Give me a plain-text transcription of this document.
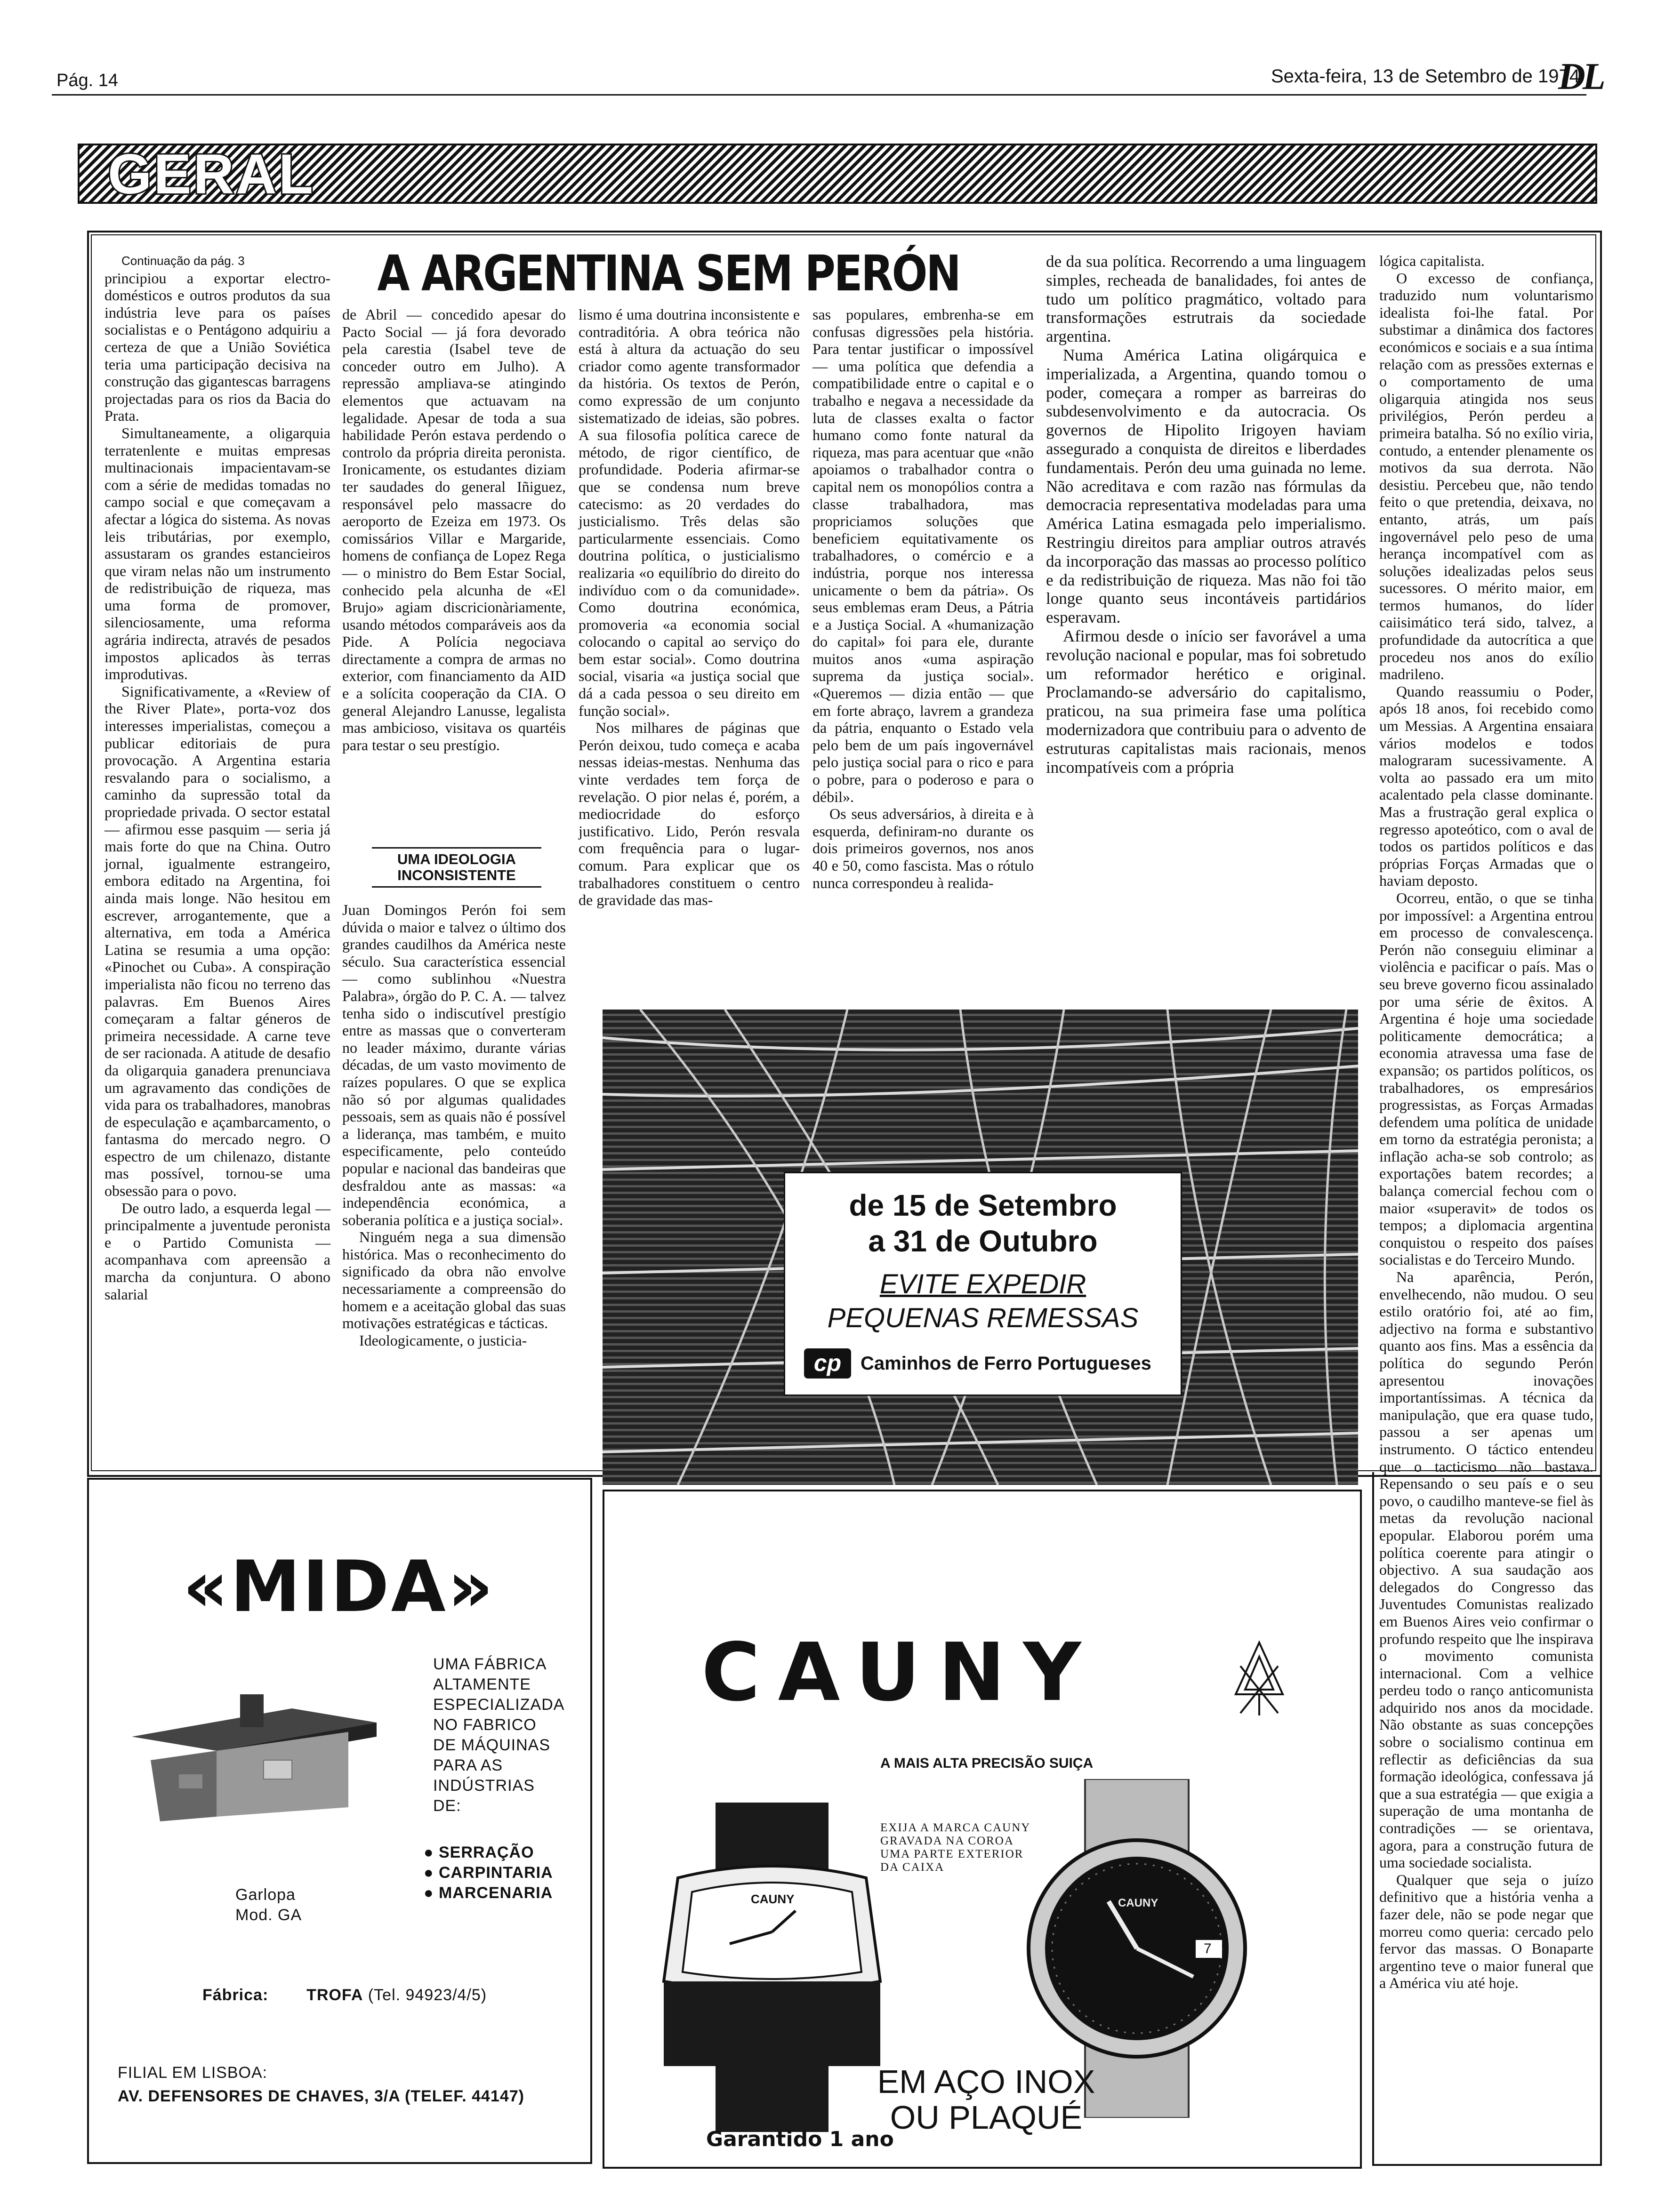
Pág. 14	Sexta-feira, 13 de Setembro de 1974
DL
GERAL
A ARGENTINA SEM PERÓN

Continuação da pág. 3

principiou a exportar electro-domésticos e outros produtos da sua indústria leve para os países socialistas e o Pentágono adquiriu a certeza de que a União Soviética teria uma participação decisiva na construção das gigantescas barragens projectadas para os rios da Bacia do Prata.

Simultaneamente, a oligarquia terratenlente e muitas empresas multinacionais impacientavam-se com a série de medidas tomadas no campo social e que começavam a afectar a lógica do sistema. As novas leis tributárias, por exemplo, assustaram os grandes estancieiros que viram nelas não um instrumento de redistribuição de riqueza, mas uma forma de promover, silenciosamente, uma reforma agrária indirecta, através de pesados impostos aplicados às terras improdutivas.

Significativamente, a «Review of the River Plate», porta-voz dos interesses imperialistas, começou a publicar editoriais de pura provocação. A Argentina estaria resvalando para o socialismo, a caminho da supressão total da propriedade privada. O sector estatal — afirmou esse pasquim — seria já mais forte do que na China. Outro jornal, igualmente estrangeiro, embora editado na Argentina, foi ainda mais longe. Não hesitou em escrever, arrogantemente, que a alternativa, em toda a América Latina se resumia a uma opção: «Pinochet ou Cuba». A conspiração imperialista não ficou no terreno das palavras. Em Buenos Aires começaram a faltar géneros de primeira necessidade. A carne teve de ser racionada. A atitude de desafio da oligarquia ganadera prenunciava um agravamento das condições de vida para os trabalhadores, manobras de especulação e açambarcamento, o fantasma do mercado negro. O espectro de um chilenazo, distante mas possível, tornou-se uma obsessão para o povo.

De outro lado, a esquerda legal — principalmente a juventude peronista e o Partido Comunista — acompanhava com apreensão a marcha da conjuntura. O abono salarial

de Abril — concedido apesar do Pacto Social — já fora devorado pela carestia (Isabel teve de conceder outro em Julho). A repressão ampliava-se atingindo elementos que actuavam na legalidade. Apesar de toda a sua habilidade Perón estava perdendo o controlo da própria direita peronista. Ironicamente, os estudantes diziam ter saudades do general Iñiguez, responsável pelo massacre do aeroporto de Ezeiza em 1973. Os comissários Villar e Margaride, homens de confiança de Lopez Rega — o ministro do Bem Estar Social, conhecido pela alcunha de «El Brujo» agiam discricionàriamente, usando métodos comparáveis aos da Pide. A Polícia negociava directamente a compra de armas no exterior, com financiamento da AID e a solícita cooperação da CIA. O general Alejandro Lanusse, legalista mas ambicioso, visitava os quartéis para testar o seu prestígio.

UMA IDEOLOGIA INCONSISTENTE

Juan Domingos Perón foi sem dúvida o maior e talvez o último dos grandes caudilhos da América neste século. Sua característica essencial — como sublinhou «Nuestra Palabra», órgão do P. C. A. — talvez tenha sido o indiscutível prestígio entre as massas que o converteram no leader máximo, durante várias décadas, de um vasto movimento de raízes populares. O que se explica não só por algumas qualidades pessoais, sem as quais não é possível a liderança, mas também, e muito especificamente, pelo conteúdo popular e nacional das bandeiras que desfraldou ante as massas: «a independência económica, a soberania política e a justiça social».

Ninguém nega a sua dimensão histórica. Mas o reconhecimento do significado da obra não envolve necessariamente a compreensão do homem e a aceitação global das suas motivações estratégicas e tácticas.

Ideologicamente, o justicia-

lismo é uma doutrina inconsistente e contraditória. A obra teórica não está à altura da actuação do seu criador como agente transformador da história. Os textos de Perón, como expressão de um conjunto sistematizado de ideias, são pobres. A sua filosofia política carece de método, de rigor científico, de profundidade. Poderia afirmar-se que se condensa num breve catecismo: as 20 verdades do justicialismo. Três delas são particularmente essenciais. Como doutrina política, o justicialismo realizaria «o equilíbrio do direito do indivíduo com o da comunidade». Como doutrina económica, promoveria «a economia social colocando o capital ao serviço do bem estar social». Como doutrina social, visaria «a justiça social que dá a cada pessoa o seu direito em função social».

Nos milhares de páginas que Perón deixou, tudo começa e acaba nessas ideias-mestas. Nenhuma das vinte verdades tem força de revelação. O pior nelas é, porém, a mediocridade do esforço justificativo. Lido, Perón resvala com frequência para o lugar-comum. Para explicar que os trabalhadores constituem o centro de gravidade das mas-

sas populares, embrenha-se em confusas digressões pela história. Para tentar justificar o impossível — uma política que defendia a compatibilidade entre o capital e o trabalho e negava a necessidade da luta de classes exalta o factor humano como fonte natural da riqueza, mas para acentuar que «não apoiamos o trabalhador contra o capital nem os monopólios contra a classe trabalhadora, mas propriciamos soluções que beneficiem equitativamente os trabalhadores, o comércio e a indústria, porque nos interessa unicamente o bem da pátria». Os seus emblemas eram Deus, a Pátria e a Justiça Social. A «humanização do capital» foi para ele, durante muitos anos «uma aspiração suprema da justiça social». «Queremos — dizia então — que em forte abraço, lavrem a grandeza da pátria, enquanto o Estado vela pelo bem de um país ingovernável pelo justiça social para o rico e para o pobre, para o poderoso e para o débil».

Os seus adversários, à direita e à esquerda, definiram-no durante os dois primeiros governos, nos anos 40 e 50, como fascista. Mas o rótulo nunca correspondeu à realida-

de da sua política. Recorrendo a uma linguagem simples, recheada de banalidades, foi antes de tudo um político pragmático, voltado para transformações estrutrais da sociedade argentina.

Numa América Latina oligárquica e imperializada, a Argentina, quando tomou o poder, começara a romper as barreiras do subdesenvolvimento e da autocracia. Os governos de Hipolito Irigoyen haviam assegurado a conquista de direitos e liberdades fundamentais. Perón deu uma guinada no leme. Não acreditava e com razão nas fórmulas da democracia representativa modeladas para uma América Latina esmagada pelo imperialismo. Restringiu direitos para ampliar outros através da incorporação das massas ao processo político e da redistribuição de riqueza. Mas não foi tão longe quanto seus incontáveis partidários esperavam.

Afirmou desde o início ser favorável a uma revolução nacional e popular, mas foi sobretudo um reformador herético e original. Proclamando-se adversário do capitalismo, praticou, na sua primeira fase uma política modernizadora que contribuiu para o advento de estruturas capitalistas mais racionais, menos incompatíveis com a própria

lógica capitalista.

O excesso de confiança, traduzido num voluntarismo idealista foi-lhe fatal. Por substimar a dinâmica dos factores económicos e sociais e a sua íntima relação com as pressões externas e o comportamento de uma oligarquia atingida nos seus privilégios, Perón perdeu a primeira batalha. Só no exílio viria, contudo, a entender plenamente os motivos da sua derrota. Não desistiu. Percebeu que, não tendo feito o que pretendia, deixava, no entanto, atrás, um país ingovernável pelo peso de uma herança incompatível com as soluções idealizadas pelos seus sucessores. O mérito maior, em termos humanos, do líder caiisimático terá sido, talvez, a profundidade da autocrítica a que procedeu nos anos do exílio madrileno.

Quando reassumiu o Poder, após 18 anos, foi recebido como um Messias. A Argentina ensaiara vários modelos e todos malograram sucessivamente. A volta ao passado era um mito acalentado pela classe dominante. Mas a frustração geral explica o regresso apoteótico, com o aval de todos os partidos políticos e das próprias Forças Armadas que o haviam deposto.

Ocorreu, então, o que se tinha por impossível: a Argentina entrou em processo de convalescença. Perón não conseguiu eliminar a violência e pacificar o país. Mas o seu breve governo ficou assinalado por uma série de êxitos. A Argentina é hoje uma sociedade politicamente democrática; a economia atravessa uma fase de expansão; os partidos políticos, os trabalhadores, os empresários progressistas, as Forças Armadas defendem uma política de unidade em torno da estratégia peronista; a inflação acha-se sob controlo; as exportações batem recordes; a balança comercial fechou com o maior «superavit» de todos os tempos; a diplomacia argentina conquistou o respeito dos países socialistas e do Terceiro Mundo.

Na aparência, Perón, envelhecendo, não mudou. O seu estilo oratório foi, até ao fim, adjectivo na forma e substantivo quanto aos fins. Mas a essência da política do segundo Perón apresentou inovações importantíssimas. A técnica da manipulação, que era quase tudo, passou a ser apenas um instrumento. O táctico entendeu que o tacticismo não bastava. Repensando o seu país e o seu povo, o caudilho manteve-se fiel às metas da revolução nacional epopular. Elaborou porém uma política coerente para atingir o objectivo. A sua saudação aos delegados do Congresso das Juventudes Comunistas realizado em Buenos Aires veio confirmar o profundo respeito que lhe inspirava o movimento comunista internacional. Com a velhice perdeu todo o ranço anticomunista adquirido nos anos da mocidade. Não obstante as suas concepções sobre o socialismo continua em reflectir as deficiências da sua formação ideológica, confessava já que a sua estratégia — que exigia a superação de uma montanha de contradições — se orientava, agora, para a construção futura de uma sociedade socialista.

Qualquer que seja o juízo definitivo que a história venha a fazer dele, não se pode negar que morreu como queria: cercado pelo fervor das massas. O Bonaparte argentino teve o maior funeral que a América viu até hoje.

de 15 de Setembro
a 31 de Outubro
EVITE EXPEDIR
PEQUENAS REMESSAS
cp	Caminhos de Ferro Portugueses
«MIDA»
UMA FÁBRICA
ALTAMENTE
ESPECIALIZADA
NO FABRICO
DE MÁQUINAS
PARA AS
INDÚSTRIAS
DE:
● SERRAÇÃO
● CARPINTARIA
● MARCENARIA
Garlopa
Mod. GA
Fábrica: TROFA (Tel. 94923/4/5)
FILIAL EM LISBOA:
AV. DEFENSORES DE CHAVES, 3/A (TELEF. 44147)
CAUNY
A MAIS ALTA PRECISÃO SUIÇA
EXIJA A MARCA CAUNY
GRAVADA NA COROA
UMA PARTE EXTERIOR
DA CAIXA
CAUNY	CAUNY
7
EM AÇO INOX
OU PLAQUÉ
Garantido 1 ano
